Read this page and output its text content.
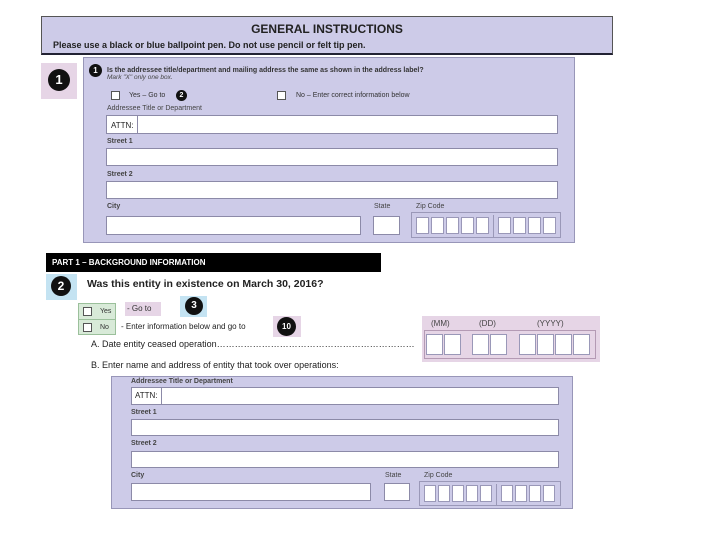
GENERAL INSTRUCTIONS
Please use a black or blue ballpoint pen. Do not use pencil or felt tip pen.
1
1	Is the addressee title/department and mailing address the same as shown in the address label?
Mark "X" only one box.
Yes – Go to	2	No – Enter correct information below
Addressee Title or Department
ATTN:
Street 1
Street 2
City	State	Zip Code
PART 1 – BACKGROUND INFORMATION
2	Was this entity in existence on March 30, 2016?
Yes - Go to	3
No - Enter information below and go to	10
A. Date entity ceased operation…………………………………………………………
(MM)	(DD)	(YYYY)
B. Enter name and address of entity that took over operations:
Addressee Title or Department
ATTN:
Street 1
Street 2
City	State	Zip Code
